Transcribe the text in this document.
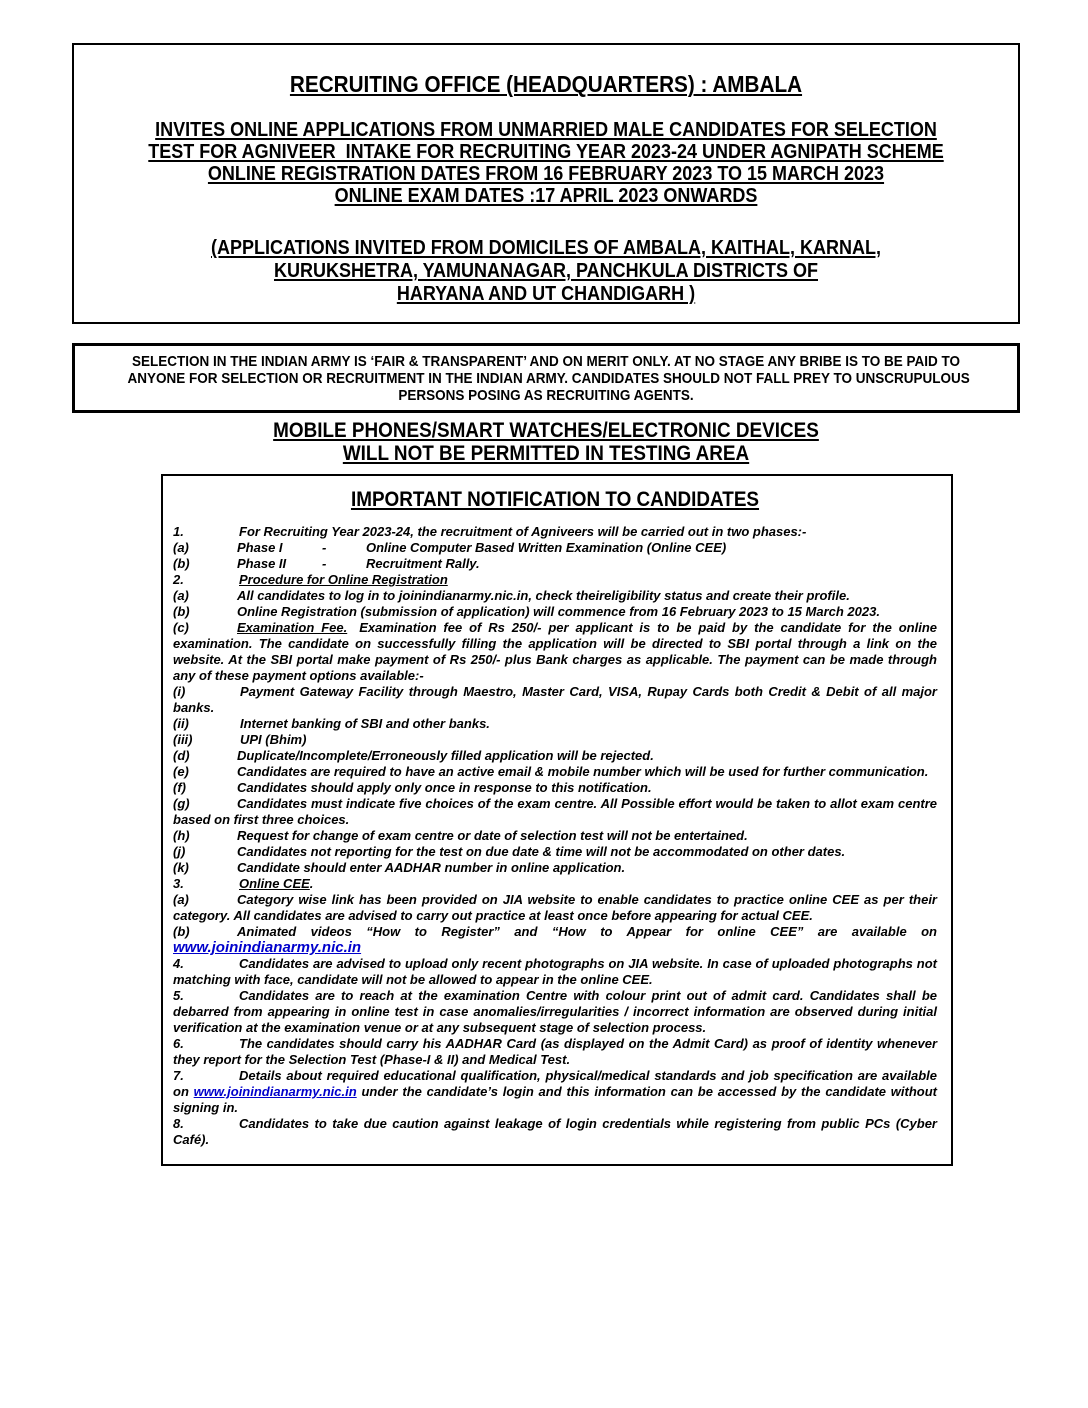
RECRUITING OFFICE (HEADQUARTERS) : AMBALA
INVITES ONLINE APPLICATIONS FROM UNMARRIED MALE CANDIDATES FOR SELECTION
TEST FOR AGNIVEER  INTAKE FOR RECRUITING YEAR 2023-24 UNDER AGNIPATH SCHEME
ONLINE REGISTRATION DATES FROM 16 FEBRUARY 2023 TO 15 MARCH 2023
ONLINE EXAM DATES :17 APRIL 2023 ONWARDS
(APPLICATIONS INVITED FROM DOMICILES OF AMBALA, KAITHAL, KARNAL,
KURUKSHETRA, YAMUNANAGAR, PANCHKULA DISTRICTS OF
HARYANA AND UT CHANDIGARH )
SELECTION IN THE INDIAN ARMY IS ‘FAIR & TRANSPARENT’ AND ON MERIT ONLY. AT NO STAGE ANY BRIBE IS TO BE PAID TO
ANYONE FOR SELECTION OR RECRUITMENT IN THE INDIAN ARMY. CANDIDATES SHOULD NOT FALL PREY TO UNSCRUPULOUS
PERSONS POSING AS RECRUITING AGENTS.
MOBILE PHONES/SMART WATCHES/ELECTRONIC DEVICES
WILL NOT BE PERMITTED IN TESTING AREA
IMPORTANT NOTIFICATION TO CANDIDATES

1.	For Recruiting Year 2023-24, the recruitment of Agniveers will be carried out in two phases:-

(a)	Phase I	-	Online Computer Based Written Examination (Online CEE)

(b)	Phase II	-	Recruitment Rally.

2.	Procedure for Online Registration

(a)	All candidates to log in to joinindianarmy.nic.in, check theireligibility status and create their profile.

(b)	Online Registration (submission of application) will commence from 16 February 2023 to 15 March 2023.

(c)	Examination Fee. Examination fee of Rs 250/- per applicant is to be paid by the candidate for the online examination. The candidate on successfully filling the application will be directed to SBI portal through a link on the website. At the SBI portal make payment of Rs 250/- plus Bank charges as applicable. The payment can be made through any of these payment options available:-

(i)	Payment Gateway Facility through Maestro, Master Card, VISA, Rupay Cards both Credit & Debit of all major banks.

(ii)	Internet banking of SBI and other banks.

(iii)	UPI (Bhim)

(d)	Duplicate/Incomplete/Erroneously filled application will be rejected.

(e)	Candidates are required to have an active email & mobile number which will be used for further communication.

(f)	Candidates should apply only once in response to this notification.

(g)	Candidates must indicate five choices of the exam centre. All Possible effort would be taken to allot exam centre based on first three choices.

(h)	Request for change of exam centre or date of selection test will not be entertained.

(j)	Candidates not reporting for the test on due date & time will not be accommodated on other dates.

(k)	Candidate should enter AADHAR number in online application.

3.	Online CEE.

(a)	Category wise link has been provided on JIA website to enable candidates to practice online CEE as per their category. All candidates are advised to carry out practice at least once before appearing for actual CEE.

(b)	Animated videos “How to Register” and “How to Appear for online CEE” are available on

www.joinindianarmy.nic.in

4.	Candidates are advised to upload only recent photographs on JIA website. In case of uploaded photographs not matching with face, candidate will not be allowed to appear in the online CEE.

5.	Candidates are to reach at the examination Centre with colour print out of admit card. Candidates shall be debarred from appearing in online test in case anomalies/irregularities / incorrect information are observed during initial verification at the examination venue or at any subsequent stage of selection process.

6.	The candidates should carry his AADHAR Card (as displayed on the Admit Card) as proof of identity whenever they report for the Selection Test (Phase-I & II) and Medical Test.

7.	Details about required educational qualification, physical/medical standards and job specification are available on www.joinindianarmy.nic.in under the candidate’s login and this information can be accessed by the candidate without signing in.

8.	Candidates to take due caution against leakage of login credentials while registering from public PCs (Cyber Café).
